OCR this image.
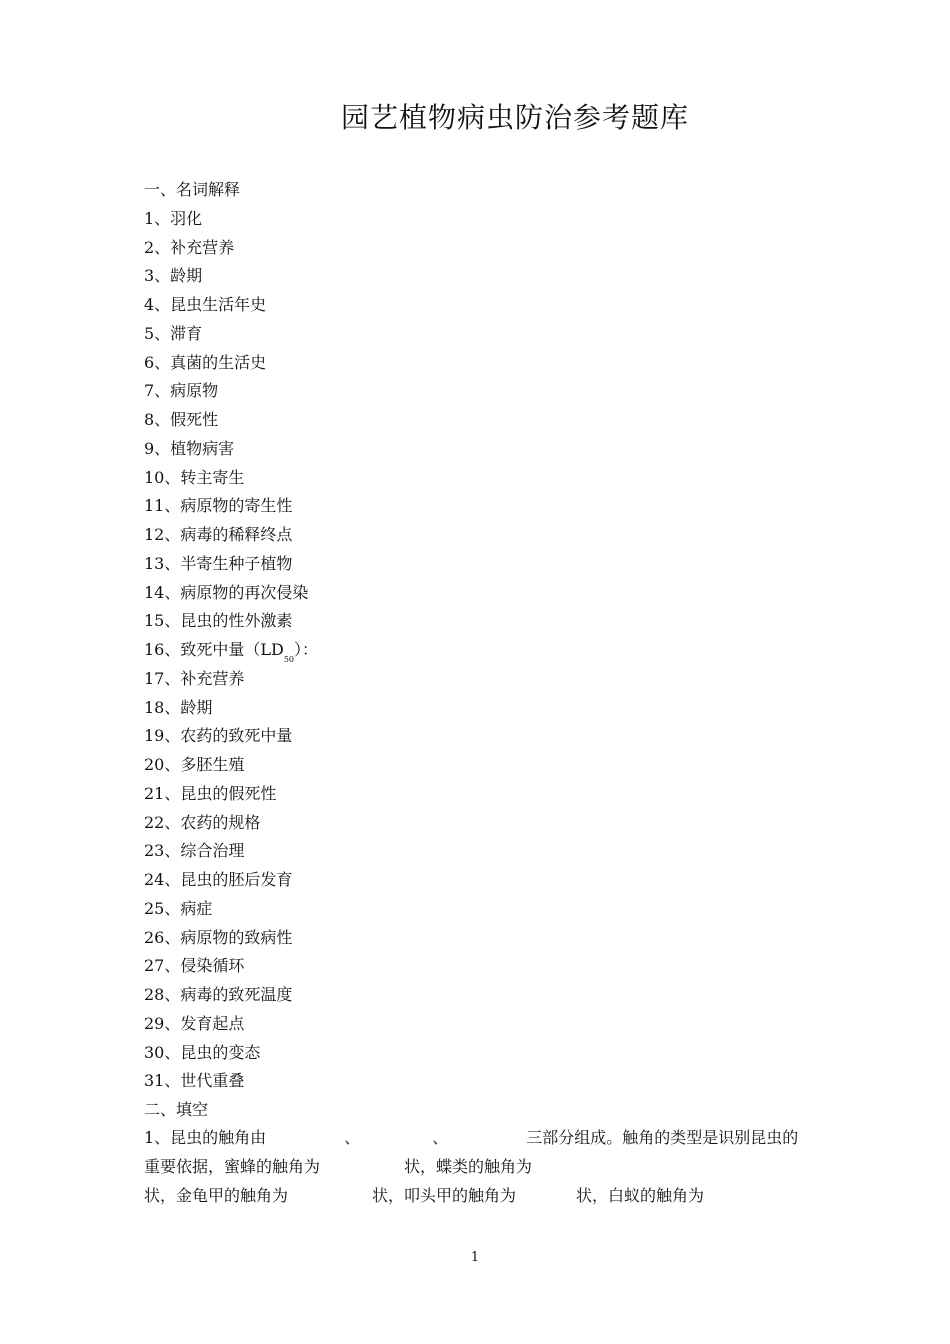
园艺植物病虫防治参考题库
一、名词解释
1、羽化
2、补充营养
3、龄期
4、昆虫生活年史
5、滞育
6、真菌的生活史
7、病原物
8、假死性
9、植物病害
10、转主寄生
11、病原物的寄生性
12、病毒的稀释终点
13、半寄生种子植物
14、病原物的再次侵染
15、昆虫的性外激素
16、致死中量$(LD_{50})$：
17、补充营养
18、龄期
19、农药的致死中量
20、多胚生殖
21、昆虫的假死性
22、农药的规格
23、综合治理
24、昆虫的胚后发育
25、病症
26、病原物的致病性
27、侵染循环
28、病毒的致死温度
29、发育起点
30、昆虫的变态
31、世代重叠
二、填空
1、昆虫的触角由	、	、	三部分组成。触角的类型是识别昆虫的
重要依据，蜜蜂的触角为	状，蝶类的触角为
状，金龟甲的触角为	状，叩头甲的触角为	状，白蚁的触角为
1
